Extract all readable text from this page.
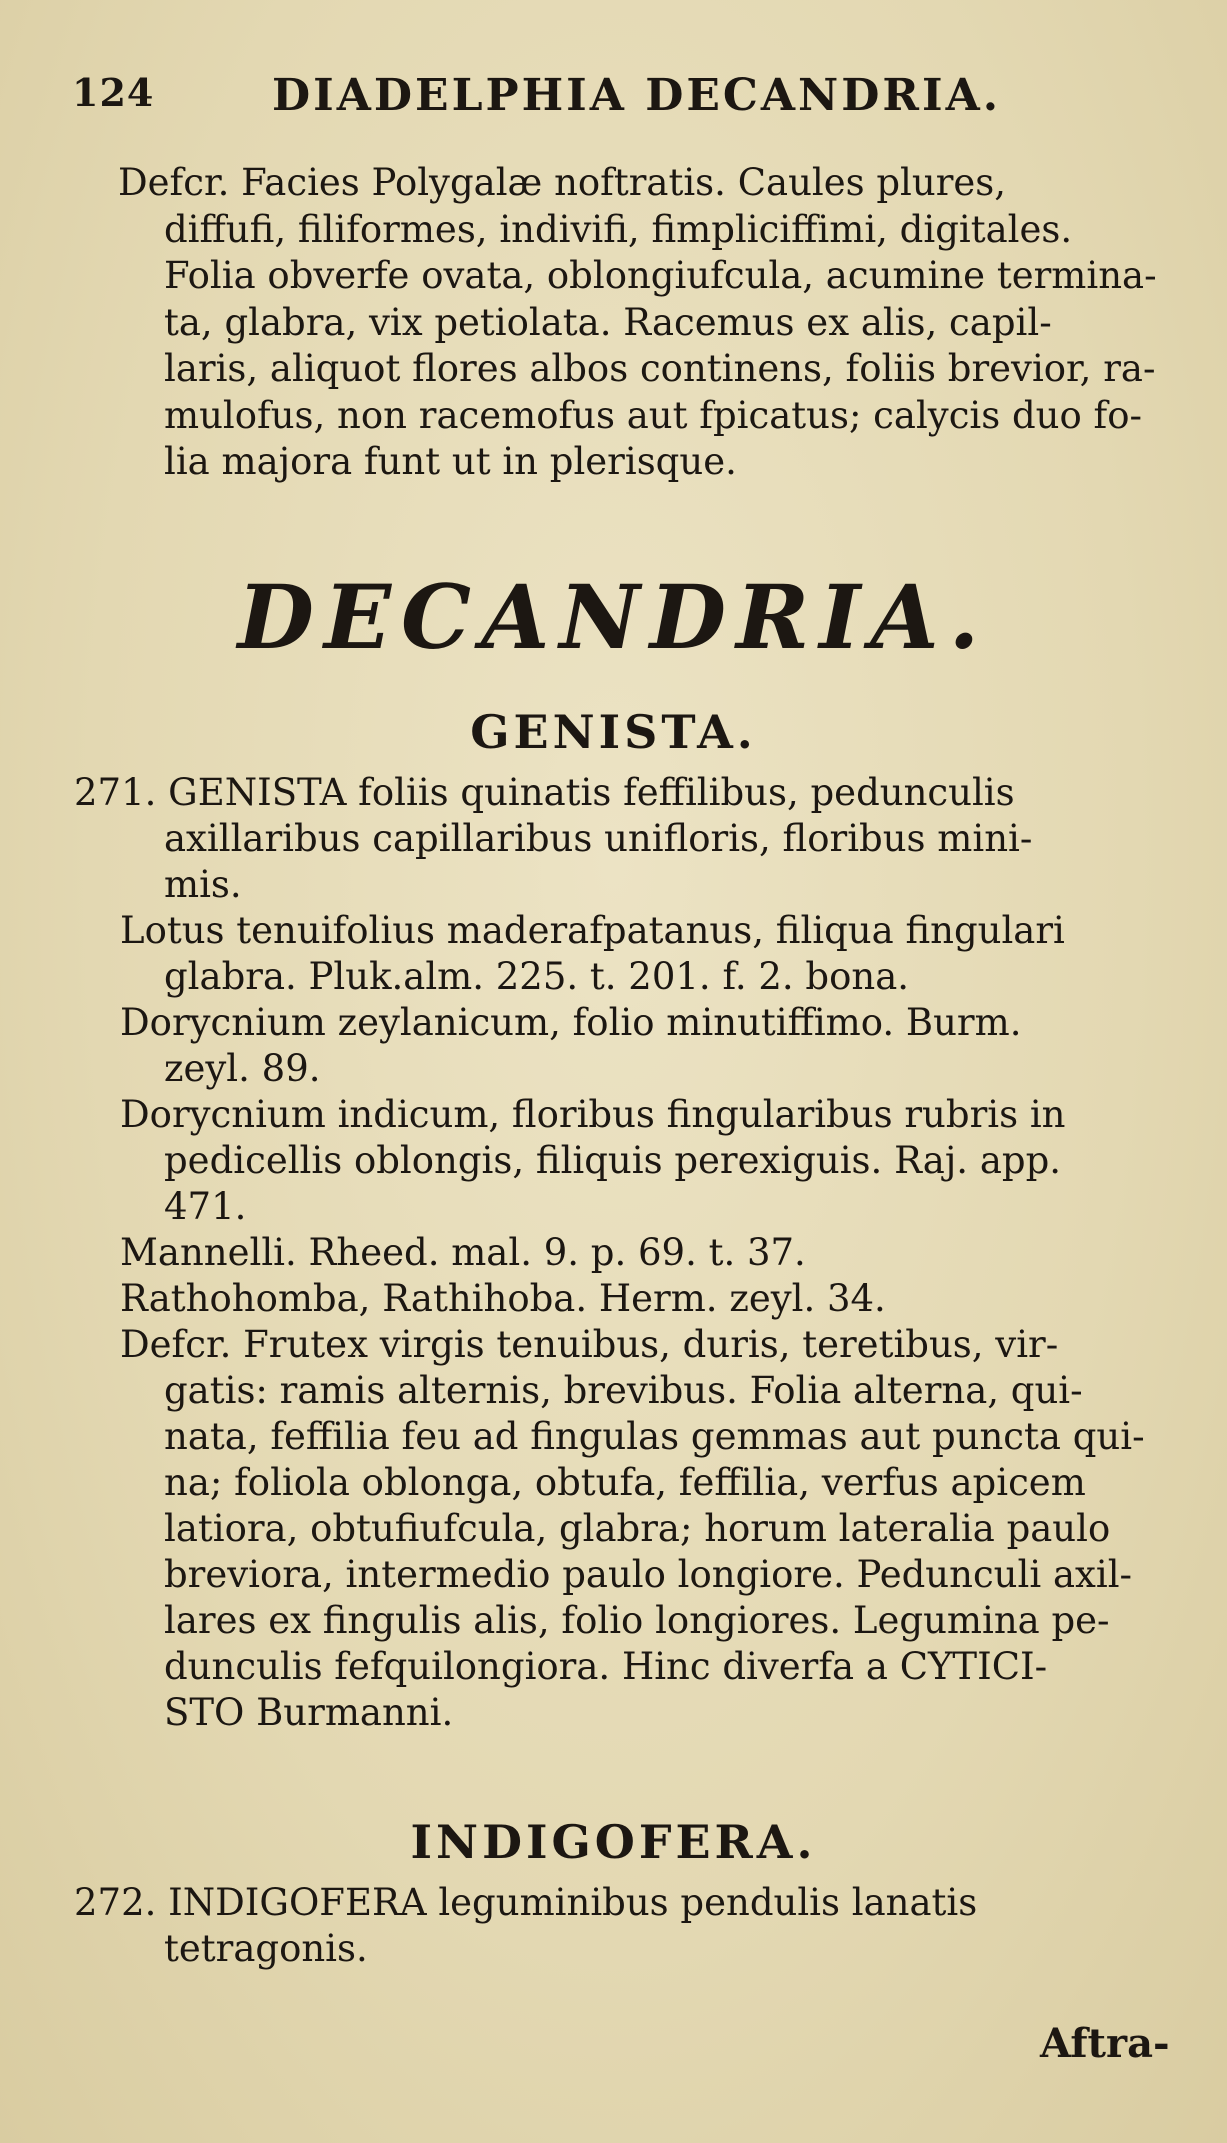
124	DIADELPHIA DECANDRIA.
Defcr. Facies Polygalæ noftratis. Caules plures,
diffufi, filiformes, indivifi, fimpliciffimi, digitales.
Folia obverfe ovata, oblongiufcula, acumine termina-
ta, glabra, vix petiolata. Racemus ex alis, capil-
laris, aliquot flores albos continens, foliis brevior, ra-
mulofus, non racemofus aut fpicatus; calycis duo fo-
lia majora funt ut in plerisque.
DECANDRIA.
GENISTA.
271. GENISTA foliis quinatis feffilibus, pedunculis
axillaribus capillaribus unifloris, floribus mini-
mis.
Lotus tenuifolius maderafpatanus, filiqua fingulari
glabra. Pluk.alm. 225. t. 201. f. 2. bona.
Dorycnium zeylanicum, folio minutiffimo. Burm.
zeyl. 89.
Dorycnium indicum, floribus fingularibus rubris in
pedicellis oblongis, filiquis perexiguis. Raj. app.
471.
Mannelli. Rheed. mal. 9. p. 69. t. 37.
Rathohomba, Rathihoba. Herm. zeyl. 34.
Defcr. Frutex virgis tenuibus, duris, teretibus, vir-
gatis: ramis alternis, brevibus. Folia alterna, qui-
nata, feffilia feu ad fingulas gemmas aut puncta qui-
na; foliola oblonga, obtufa, feffilia, verfus apicem
latiora, obtufiufcula, glabra; horum lateralia paulo
breviora, intermedio paulo longiore. Pedunculi axil-
lares ex fingulis alis, folio longiores. Legumina pe-
dunculis fefquilongiora. Hinc diverfa a CYTICI-
STO Burmanni.
INDIGOFERA.
272. INDIGOFERA leguminibus pendulis lanatis
tetragonis.
Aftra-
